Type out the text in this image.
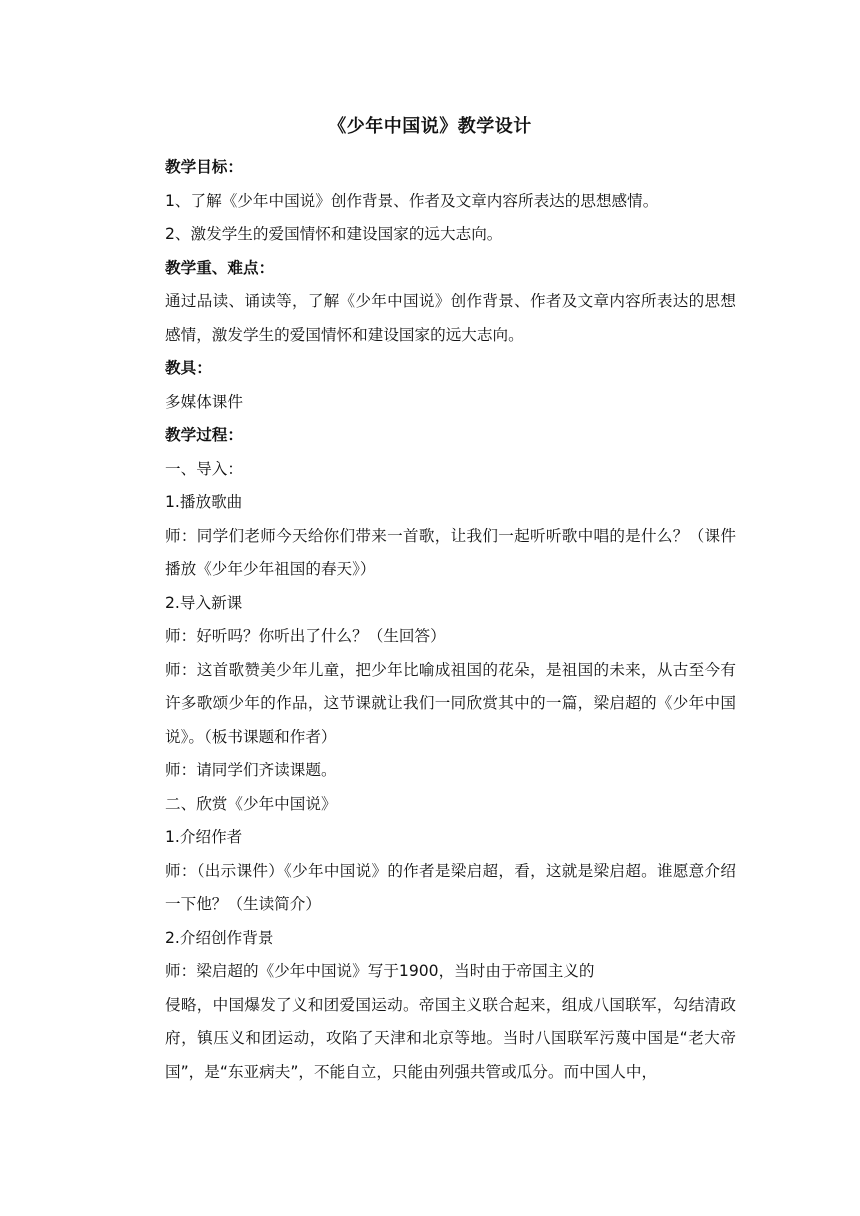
《少年中国说》教学设计

教学目标：

1、了解《少年中国说》创作背景、作者及文章内容所表达的思想感情。

2、激发学生的爱国情怀和建设国家的远大志向。

教学重、难点：

通过品读、诵读等，了解《少年中国说》创作背景、作者及文章内容所表达的思想感情，激发学生的爱国情怀和建设国家的远大志向。

教具：

多媒体课件

教学过程：

一、导入：

1.播放歌曲

师：同学们老师今天给你们带来一首歌，让我们一起听听歌中唱的是什么？（课件播放《少年少年祖国的春天》）

2.导入新课

师：好听吗？你听出了什么？（生回答）

师：这首歌赞美少年儿童，把少年比喻成祖国的花朵，是祖国的未来，从古至今有许多歌颂少年的作品，这节课就让我们一同欣赏其中的一篇，梁启超的《少年中国说》。（板书课题和作者）

师：请同学们齐读课题。

二、欣赏《少年中国说》

1.介绍作者

师：（出示课件）《少年中国说》的作者是梁启超，看，这就是梁启超。谁愿意介绍一下他？（生读简介）

2.介绍创作背景

师：梁启超的《少年中国说》写于1900，当时由于帝国主义的

侵略，中国爆发了义和团爱国运动。帝国主义联合起来，组成八国联军，勾结清政府，镇压义和团运动，攻陷了天津和北京等地。当时八国联军污蔑中国是“老大帝国”，是“东亚病夫”，不能自立，只能由列强共管或瓜分。而中国人中，
